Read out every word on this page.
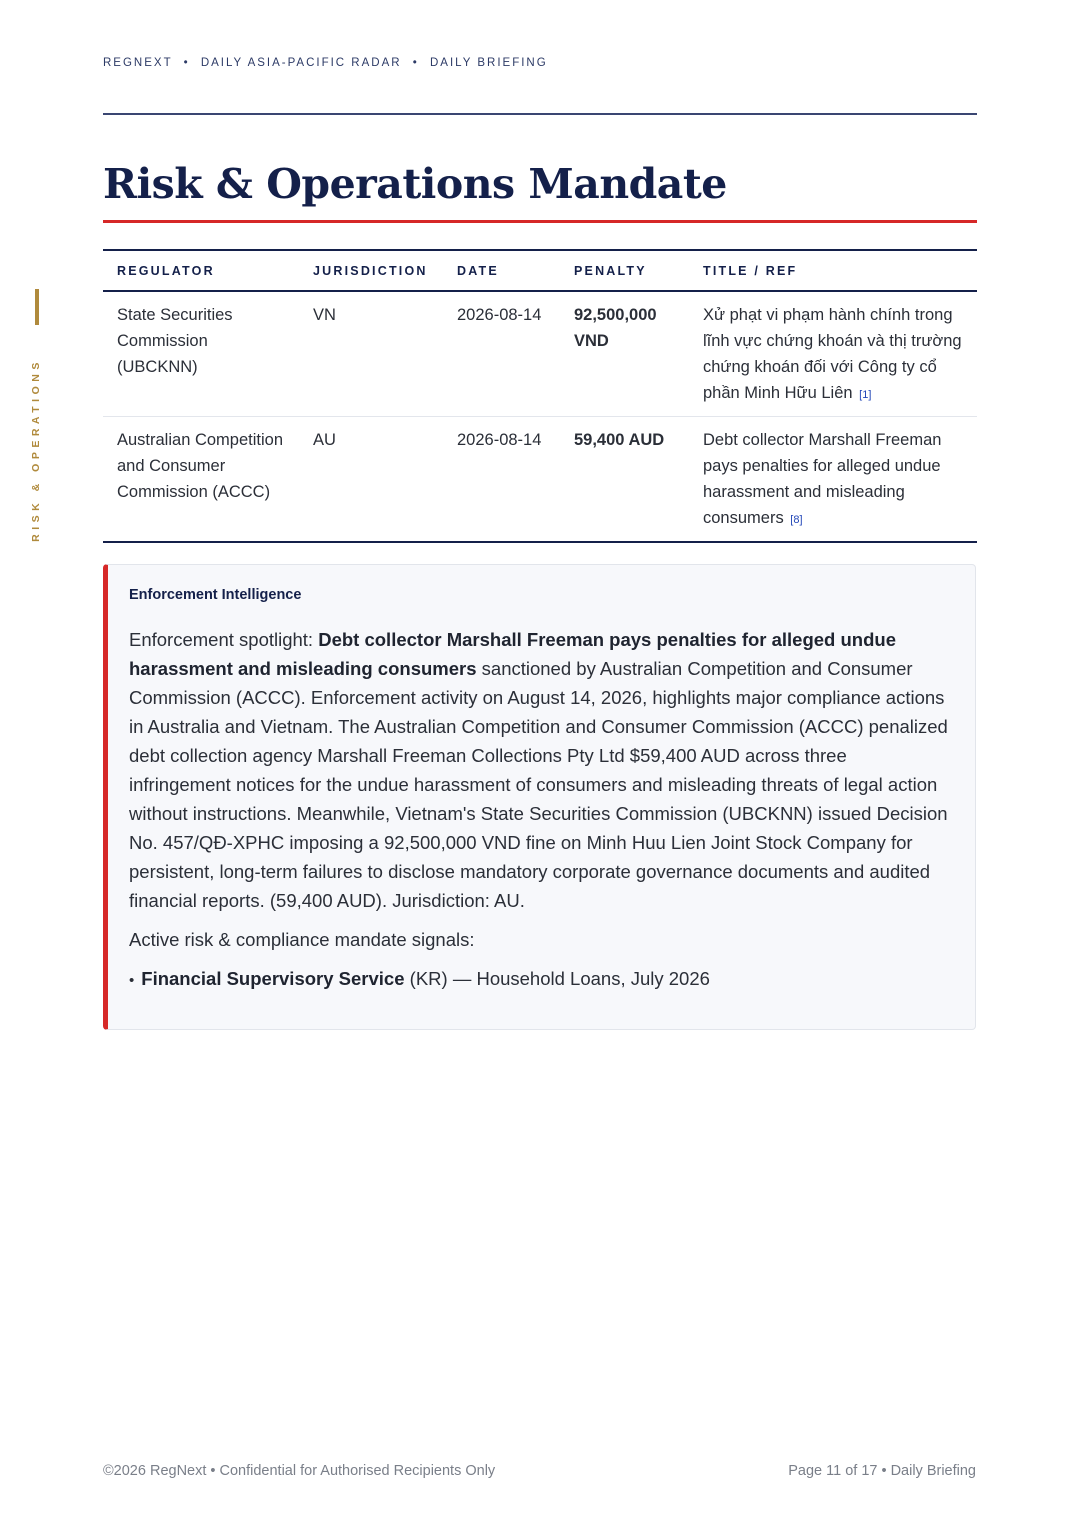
REGNEXT • DAILY ASIA-PACIFIC RADAR • DAILY BRIEFING
RISK & OPERATIONS
Risk & Operations Mandate
REGULATOR	JURISDICTION	DATE	PENALTY	TITLE / REF
State Securities Commission (UBCKNN)	VN	2026-08-14	92,500,000 VND	Xử phạt vi phạm hành chính trong lĩnh vực chứng khoán và thị trường chứng khoán đối với Công ty cổ phần Minh Hữu Liên [1]
Australian Competition and Consumer Commission (ACCC)	AU	2026-08-14	59,400 AUD	Debt collector Marshall Freeman pays penalties for alleged undue harassment and misleading consumers [8]
Enforcement Intelligence

Enforcement spotlight: Debt collector Marshall Freeman pays penalties for alleged undue harassment and misleading consumers sanctioned by Australian Competition and Consumer Commission (ACCC). Enforcement activity on August 14, 2026, highlights major compliance actions in Australia and Vietnam. The Australian Competition and Consumer Commission (ACCC) penalized debt collection agency Marshall Freeman Collections Pty Ltd $59,400 AUD across three infringement notices for the undue harassment of consumers and misleading threats of legal action without instructions. Meanwhile, Vietnam's State Securities Commission (UBCKNN) issued Decision No. 457/QĐ-XPHC imposing a 92,500,000 VND fine on Minh Huu Lien Joint Stock Company for persistent, long-term failures to disclose mandatory corporate governance documents and audited financial reports. (59,400 AUD). Jurisdiction: AU.

Active risk & compliance mandate signals:

• Financial Supervisory Service (KR) — Household Loans, July 2026
©2026 RegNext • Confidential for Authorised Recipients Only	Page 11 of 17 • Daily Briefing
